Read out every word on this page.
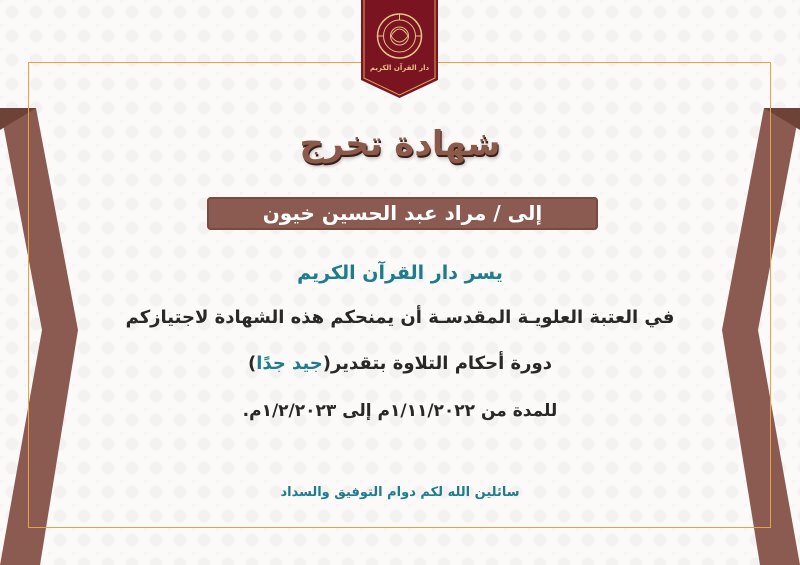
دار القرآن الكريم
شهادة تخرج
إلى / مراد عبد الحسين خيون
يسر دار القرآن الكريم
في العتبة العلويـة المقدسـة أن يمنحكم هذه الشهادة لاجتيازكم
دورة أحكام التلاوة بتقدير(جيد جدًا)
للمدة من ١/١١/٢٠٢٢م إلى ١/٢/٢٠٢٣م.
سائلين الله لكم دوام التوفيق والسداد
